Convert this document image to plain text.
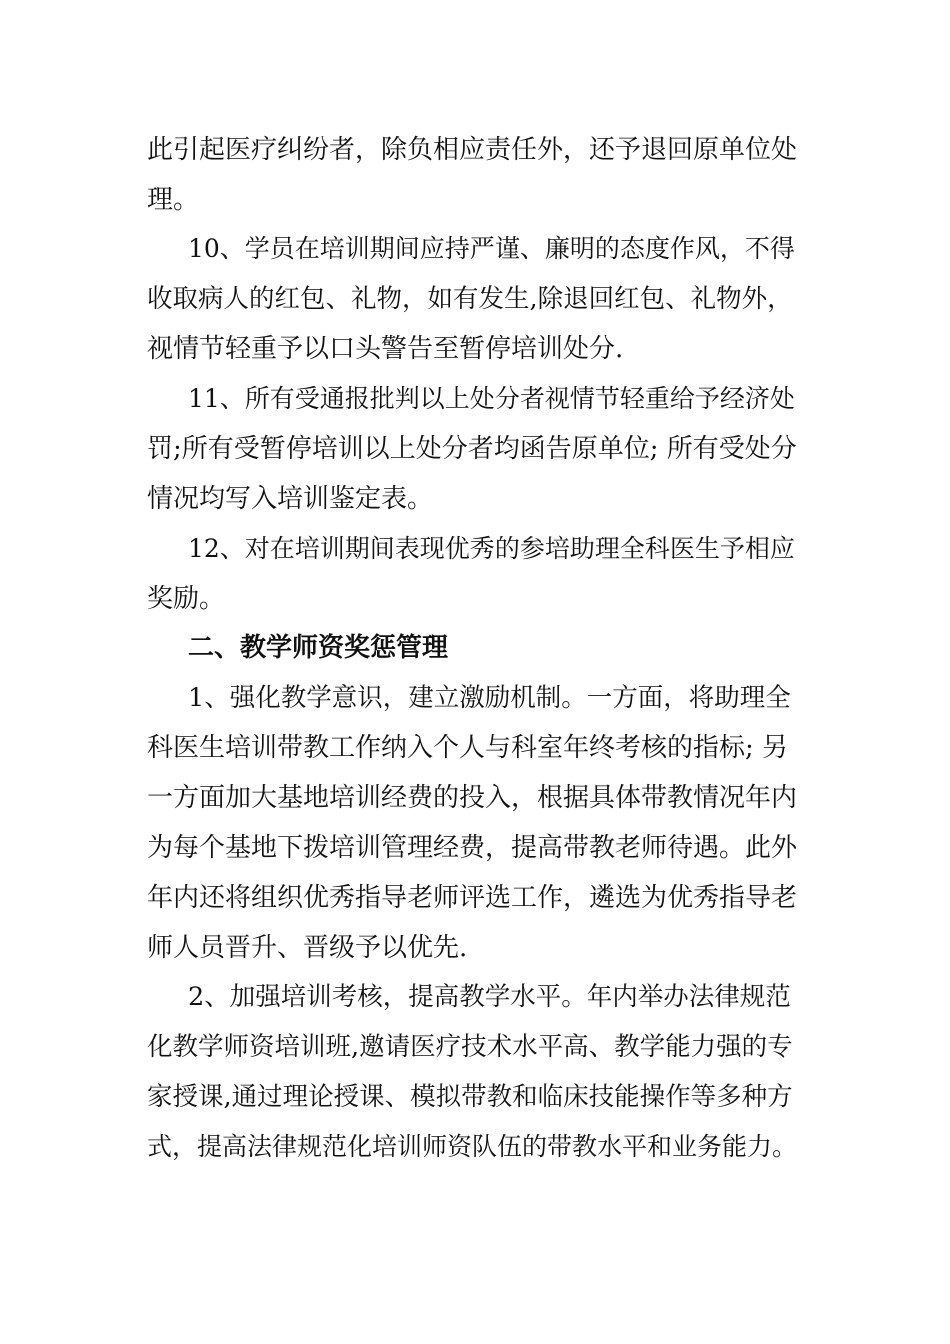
此引起医疗纠纷者，除负相应责任外，还予退回原单位处
理。
10、学员在培训期间应持严谨、廉明的态度作风，不得
收取病人的红包、礼物，如有发生,除退回红包、礼物外，
视情节轻重予以口头警告至暂停培训处分.
11、所有受通报批判以上处分者视情节轻重给予经济处
罚;所有受暂停培训以上处分者均函告原单位; 所有受处分
情况均写入培训鉴定表。
12、对在培训期间表现优秀的参培助理全科医生予相应
奖励。
二、教学师资奖惩管理
1、强化教学意识，建立激励机制。一方面，将助理全
科医生培训带教工作纳入个人与科室年终考核的指标; 另
一方面加大基地培训经费的投入，根据具体带教情况年内
为每个基地下拨培训管理经费，提高带教老师待遇。此外
年内还将组织优秀指导老师评选工作，遴选为优秀指导老
师人员晋升、晋级予以优先.
2、加强培训考核，提高教学水平。年内举办法律规范
化教学师资培训班,邀请医疗技术水平高、教学能力强的专
家授课,通过理论授课、模拟带教和临床技能操作等多种方
式，提高法律规范化培训师资队伍的带教水平和业务能力。
